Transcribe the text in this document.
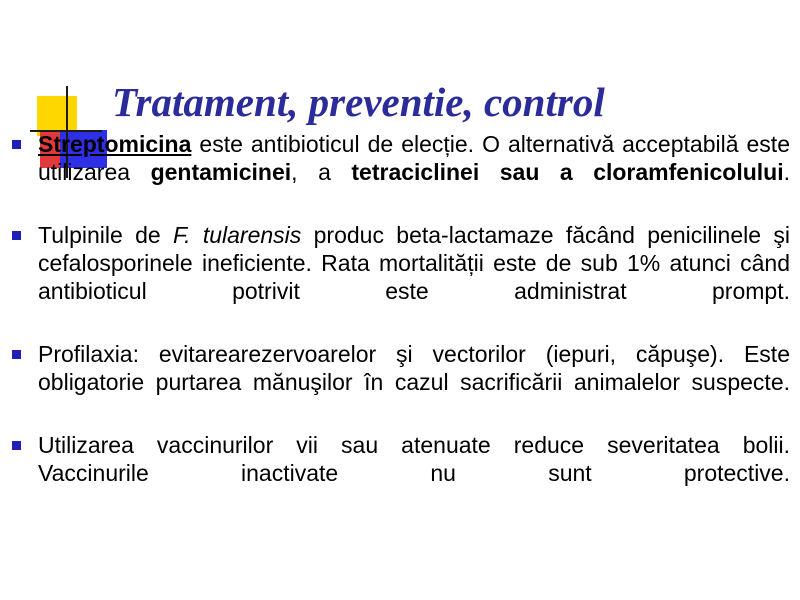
Tratament, preventie, control
Streptomicina este antibioticul de elecție. O alternativă acceptabilă este utilizarea gentamicinei, a tetraciclinei sau a cloramfenicolului.
Tulpinile de F. tularensis produc beta-lactamaze făcând penicilinele şi cefalosporinele ineficiente. Rata mortalității este de sub 1% atunci când antibioticul potrivit este administrat prompt.
Profilaxia: evitarearezervoarelor şi vectorilor (iepuri, căpuşe). Este obligatorie purtarea mănuşilor în cazul sacrificării animalelor suspecte.
Utilizarea vaccinurilor vii sau atenuate reduce severitatea bolii. Vaccinurile inactivate nu sunt protective.
